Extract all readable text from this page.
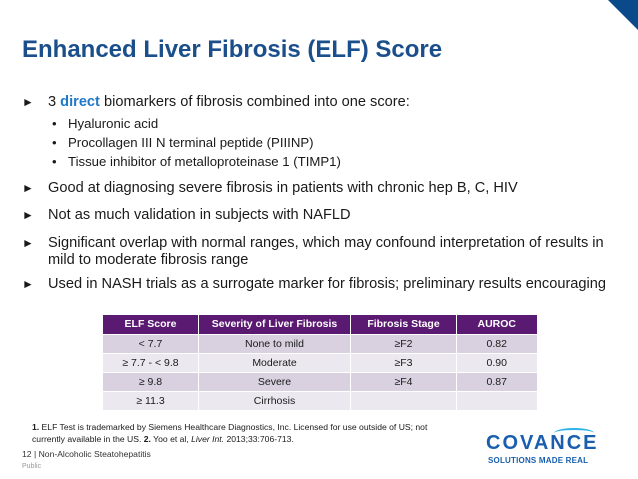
Enhanced Liver Fibrosis (ELF) Score
► 3 direct biomarkers of fibrosis combined into one score:
• Hyaluronic acid
• Procollagen III N terminal peptide (PIIINP)
• Tissue inhibitor of metalloproteinase 1 (TIMP1)
► Good at diagnosing severe fibrosis in patients with chronic hep B, C, HIV
► Not as much validation in subjects with NAFLD
► Significant overlap with normal ranges, which may confound interpretation of results in mild to moderate fibrosis range
► Used in NASH trials as a surrogate marker for fibrosis; preliminary results encouraging
ELF Score	Severity of Liver Fibrosis	Fibrosis Stage	AUROC
< 7.7	None to mild	≥F2	0.82
≥ 7.7 - < 9.8	Moderate	≥F3	0.90
≥ 9.8	Severe	≥F4	0.87
≥ 11.3	Cirrhosis		
1. ELF Test is trademarked by Siemens Healthcare Diagnostics, Inc. Licensed for use outside of US; not currently available in the US. 2. Yoo et al, Liver Int. 2013;33:706-713.
12 | Non-Alcoholic Steatohepatitis
Public
COVANCE
SOLUTIONS MADE REAL
